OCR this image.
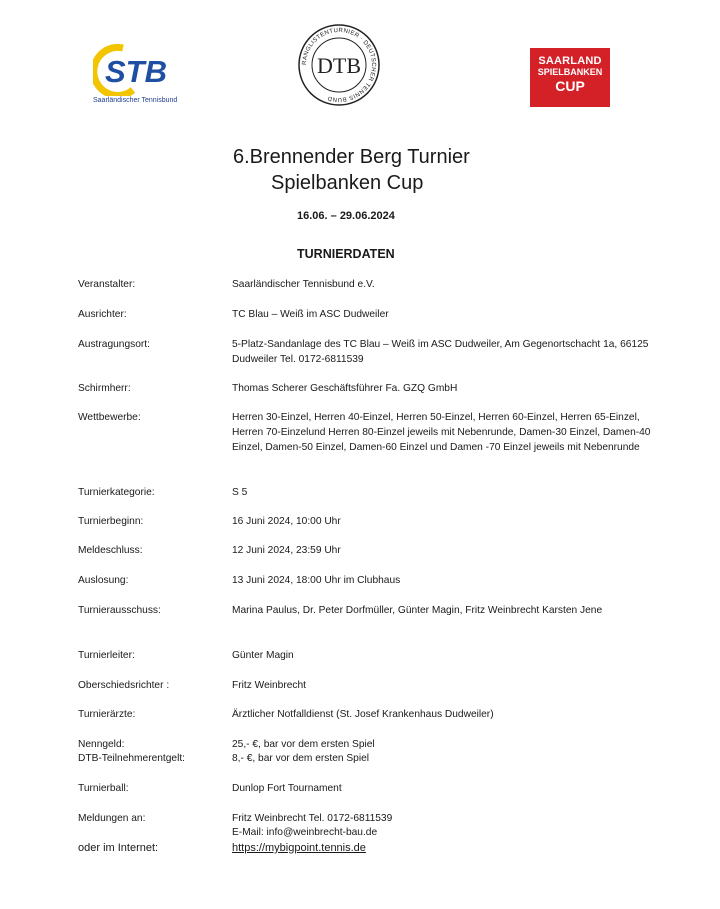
STB
Saarländischer Tennisbund
RANGLISTENTURNIER · DEUTSCHER TENNIS BUND
DTB	SAARLAND
SPIELBANKEN
CUP
6.Brennender Berg Turnier
Spielbanken Cup
16.06. – 29.06.2024
TURNIERDATEN
Veranstalter:	Saarländischer Tennisbund e.V.
Ausrichter:	TC Blau – Weiß im ASC Dudweiler
Austragungsort:	5-Platz-Sandanlage des TC Blau – Weiß im ASC Dudweiler, Am Gegenortschacht 1a, 66125 Dudweiler Tel. 0172-6811539
Schirmherr:	Thomas Scherer Geschäftsführer Fa. GZQ GmbH
Wettbewerbe:	Herren 30-Einzel, Herren 40-Einzel, Herren 50-Einzel, Herren 60-Einzel, Herren 65-Einzel, Herren 70-Einzelund Herren 80-Einzel jeweils mit Nebenrunde, Damen-30 Einzel, Damen-40 Einzel, Damen-50 Einzel, Damen-60 Einzel und Damen -70 Einzel jeweils mit Nebenrunde
Turnierkategorie:	S 5
Turnierbeginn:	16 Juni 2024, 10:00 Uhr
Meldeschluss:	12 Juni 2024, 23:59 Uhr
Auslosung:	13 Juni 2024, 18:00 Uhr im Clubhaus
Turnierausschuss:	Marina Paulus, Dr. Peter Dorfmüller, Günter Magin, Fritz Weinbrecht Karsten Jene
Turnierleiter:	Günter Magin
Oberschiedsrichter :	Fritz Weinbrecht
Turnierärzte:	Ärztlicher Notfalldienst (St. Josef Krankenhaus Dudweiler)
Nenngeld:	25,- €, bar vor dem ersten Spiel
DTB-Teilnehmerentgelt:	8,- €, bar vor dem ersten Spiel
Turnierball:	Dunlop Fort Tournament
Meldungen an:	Fritz Weinbrecht Tel. 0172-6811539
E-Mail: info@weinbrecht-bau.de
oder im Internet:	https://mybigpoint.tennis.de
